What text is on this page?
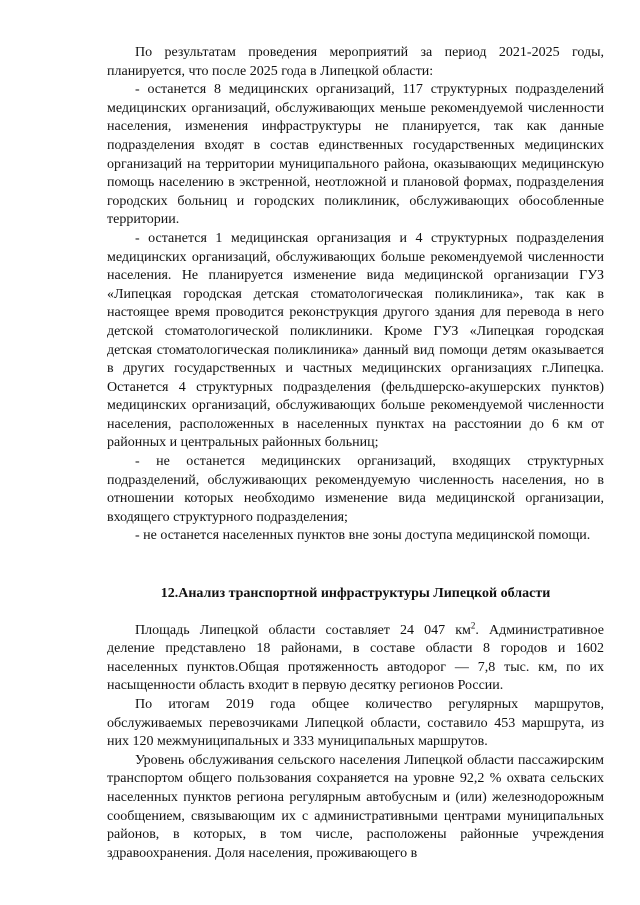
По результатам проведения мероприятий за период 2021-2025 годы, планируется, что после 2025 года в Липецкой области:

- останется 8 медицинских организаций, 117 структурных подразделений медицинских организаций, обслуживающих меньше рекомендуемой численности населения, изменения инфраструктуры не планируется, так как данные подразделения входят в состав единственных государственных медицинских организаций на территории муниципального района, оказывающих медицинскую помощь населению в экстренной, неотложной и плановой формах, подразделения городских больниц и городских поликлиник, обслуживающих обособленные территории.

- останется 1 медицинская организация и 4 структурных подразделения медицинских организаций, обслуживающих больше рекомендуемой численности населения. Не планируется изменение вида медицинской организации ГУЗ «Липецкая городская детская стоматологическая поликлиника», так как в настоящее время проводится реконструкция другого здания для перевода в него детской стоматологической поликлиники. Кроме ГУЗ «Липецкая городская детская стоматологическая поликлиника» данный вид помощи детям оказывается в других государственных и частных медицинских организациях г.Липецка. Останется 4 структурных подразделения (фельдшерско-акушерских пунктов) медицинских организаций, обслуживающих больше рекомендуемой численности населения, расположенных в населенных пунктах на расстоянии до 6 км от районных и центральных районных больниц;

- не останется медицинских организаций, входящих структурных подразделений, обслуживающих рекомендуемую численность населения, но в отношении которых необходимо изменение вида медицинской организации, входящего структурного подразделения;

- не останется населенных пунктов вне зоны доступа медицинской помощи.

12.Анализ транспортной инфраструктуры Липецкой области

Площадь Липецкой области составляет 24 047 $км^2$. Административное деление представлено 18 районами, в составе области 8 городов и 1602 населенных пунктов.Общая протяженность автодорог — 7,8 тыс. км, по их насыщенности область входит в первую десятку регионов России.

По итогам 2019 года общее количество регулярных маршрутов, обслуживаемых перевозчиками Липецкой области, составило 453 маршрута, из них 120 межмуниципальных и 333 муниципальных маршрутов.

Уровень обслуживания сельского населения Липецкой области пассажирским транспортом общего пользования сохраняется на уровне 92,2 % охвата сельских населенных пунктов региона регулярным автобусным и (или) железнодорожным сообщением, связывающим их с административными центрами муниципальных районов, в которых, в том числе, расположены районные учреждения здравоохранения. Доля населения, проживающего в
